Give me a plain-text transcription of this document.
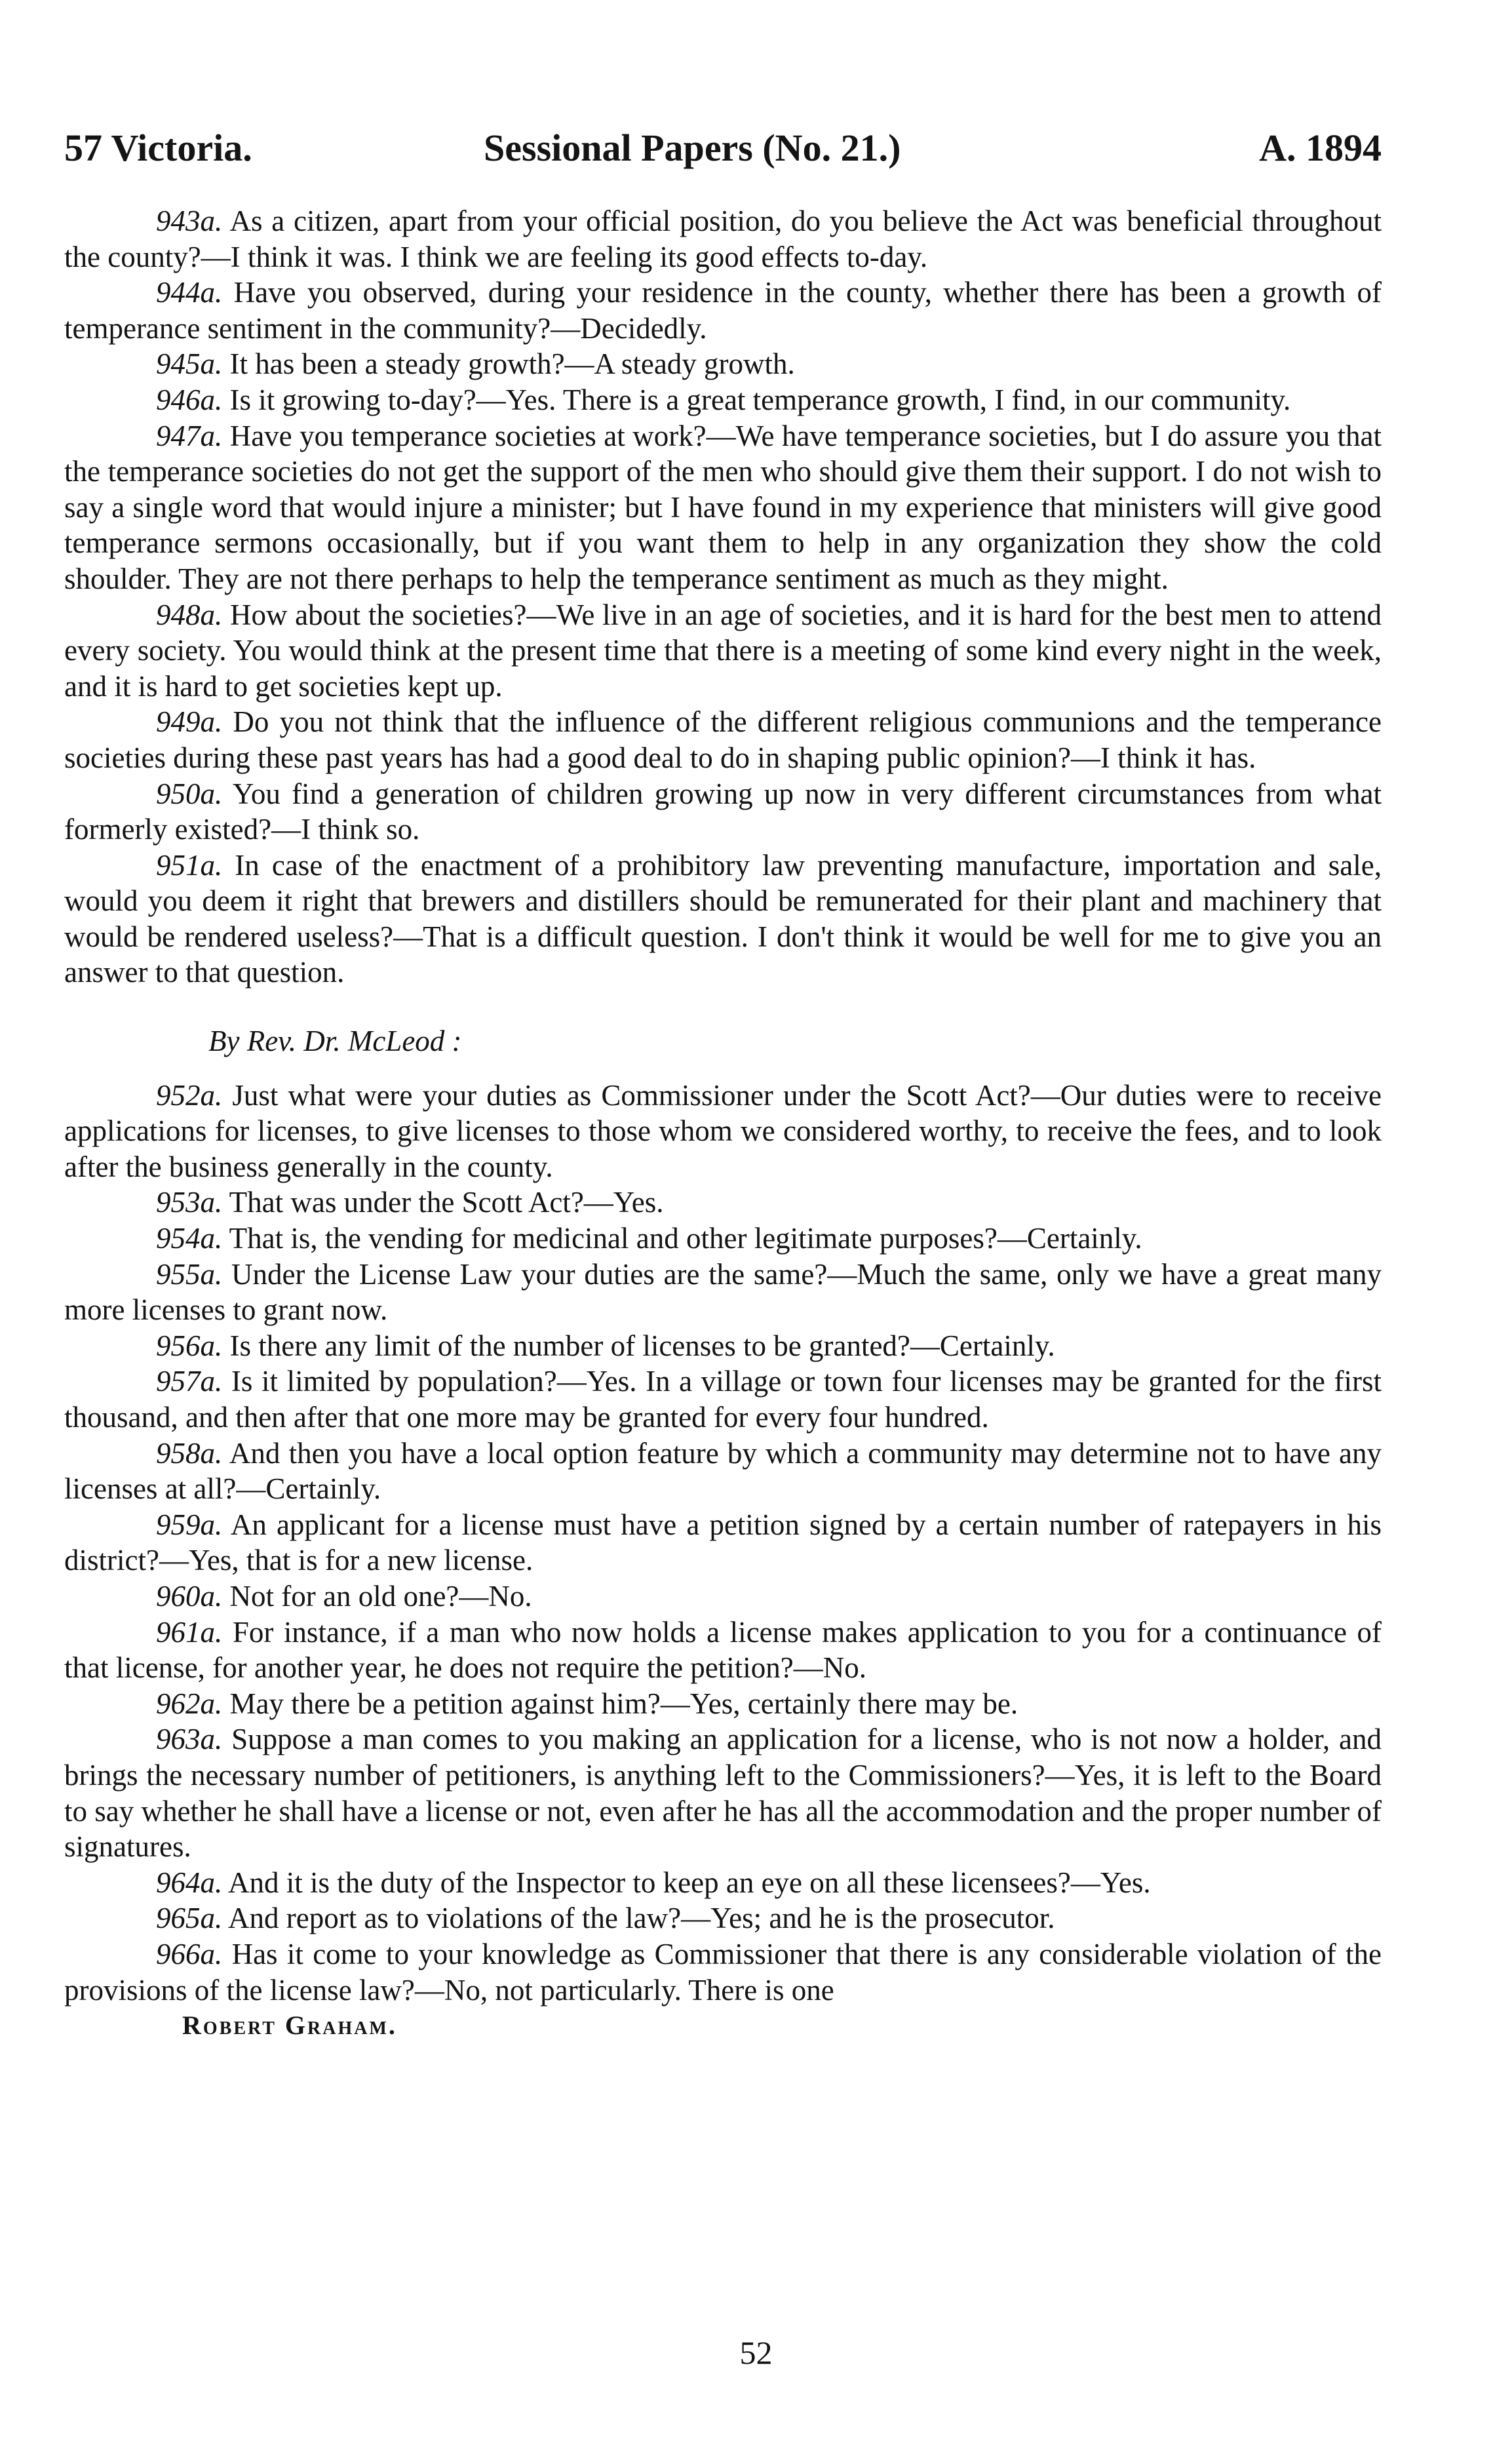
57 Victoria.	Sessional Papers (No. 21.)	A. 1894

943a. As a citizen, apart from your official position, do you believe the Act was beneficial throughout the county?—I think it was. I think we are feeling its good effects to-day.

944a. Have you observed, during your residence in the county, whether there has been a growth of temperance sentiment in the community?—Decidedly.

945a. It has been a steady growth?—A steady growth.

946a. Is it growing to-day?—Yes. There is a great temperance growth, I find, in our community.

947a. Have you temperance societies at work?—We have temperance societies, but I do assure you that the temperance societies do not get the support of the men who should give them their support. I do not wish to say a single word that would injure a minister; but I have found in my experience that ministers will give good temperance sermons occasionally, but if you want them to help in any organization they show the cold shoulder. They are not there perhaps to help the temperance sentiment as much as they might.

948a. How about the societies?—We live in an age of societies, and it is hard for the best men to attend every society. You would think at the present time that there is a meeting of some kind every night in the week, and it is hard to get societies kept up.

949a. Do you not think that the influence of the different religious communions and the temperance societies during these past years has had a good deal to do in shaping public opinion?—I think it has.

950a. You find a generation of children growing up now in very different circumstances from what formerly existed?—I think so.

951a. In case of the enactment of a prohibitory law preventing manufacture, importation and sale, would you deem it right that brewers and distillers should be remunerated for their plant and machinery that would be rendered useless?—That is a difficult question. I don't think it would be well for me to give you an answer to that question.

By Rev. Dr. McLeod :

952a. Just what were your duties as Commissioner under the Scott Act?—Our duties were to receive applications for licenses, to give licenses to those whom we considered worthy, to receive the fees, and to look after the business generally in the county.

953a. That was under the Scott Act?—Yes.

954a. That is, the vending for medicinal and other legitimate purposes?—Certainly.

955a. Under the License Law your duties are the same?—Much the same, only we have a great many more licenses to grant now.

956a. Is there any limit of the number of licenses to be granted?—Certainly.

957a. Is it limited by population?—Yes. In a village or town four licenses may be granted for the first thousand, and then after that one more may be granted for every four hundred.

958a. And then you have a local option feature by which a community may determine not to have any licenses at all?—Certainly.

959a. An applicant for a license must have a petition signed by a certain number of ratepayers in his district?—Yes, that is for a new license.

960a. Not for an old one?—No.

961a. For instance, if a man who now holds a license makes application to you for a continuance of that license, for another year, he does not require the petition?—No.

962a. May there be a petition against him?—Yes, certainly there may be.

963a. Suppose a man comes to you making an application for a license, who is not now a holder, and brings the necessary number of petitioners, is anything left to the Commissioners?—Yes, it is left to the Board to say whether he shall have a license or not, even after he has all the accommodation and the proper number of signatures.

964a. And it is the duty of the Inspector to keep an eye on all these licensees?—Yes.

965a. And report as to violations of the law?—Yes; and he is the prosecutor.

966a. Has it come to your knowledge as Commissioner that there is any considerable violation of the provisions of the license law?—No, not particularly. There is one

Robert Graham.

52
